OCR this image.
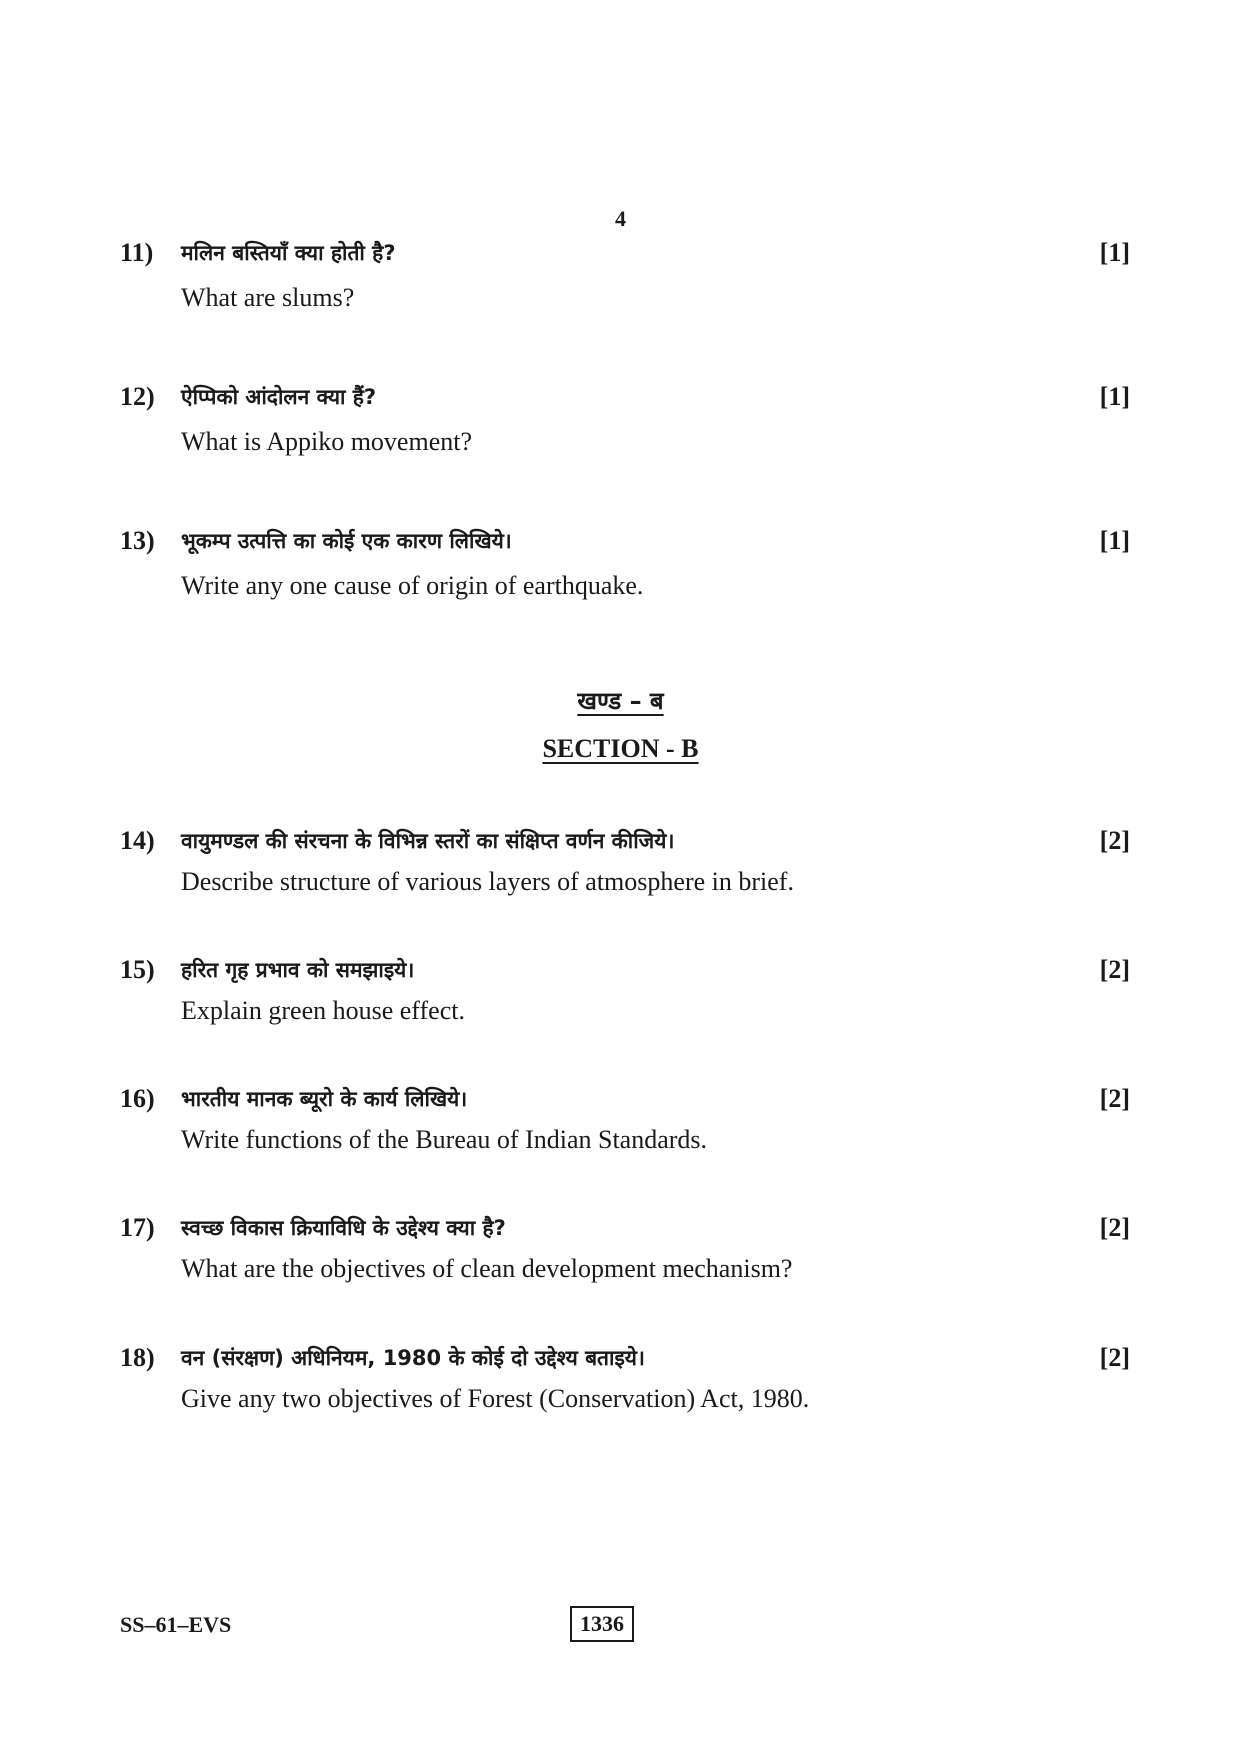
4
11) मलिन बस्तियाँ क्या होती है?	[1]
What are slums?
12) ऐप्पिको आंदोलन क्या हैं?	[1]
What is Appiko movement?
13) भूकम्प उत्पत्ति का कोई एक कारण लिखिये।	[1]
Write any one cause of origin of earthquake.
खण्ड – ब
SECTION - B
14) वायुमण्डल की संरचना के विभिन्न स्तरों का संक्षिप्त वर्णन कीजिये।	[2]
Describe structure of various layers of atmosphere in brief.
15) हरित गृह प्रभाव को समझाइये।	[2]
Explain green house effect.
16) भारतीय मानक ब्यूरो के कार्य लिखिये।	[2]
Write functions of the Bureau of Indian Standards.
17) स्वच्छ विकास क्रियाविधि के उद्देश्य क्या है?	[2]
What are the objectives of clean development mechanism?
18) वन (संरक्षण) अधिनियम, 1980 के कोई दो उद्देश्य बताइये।	[2]
Give any two objectives of Forest (Conservation) Act, 1980.
SS–61–EVS	1336
